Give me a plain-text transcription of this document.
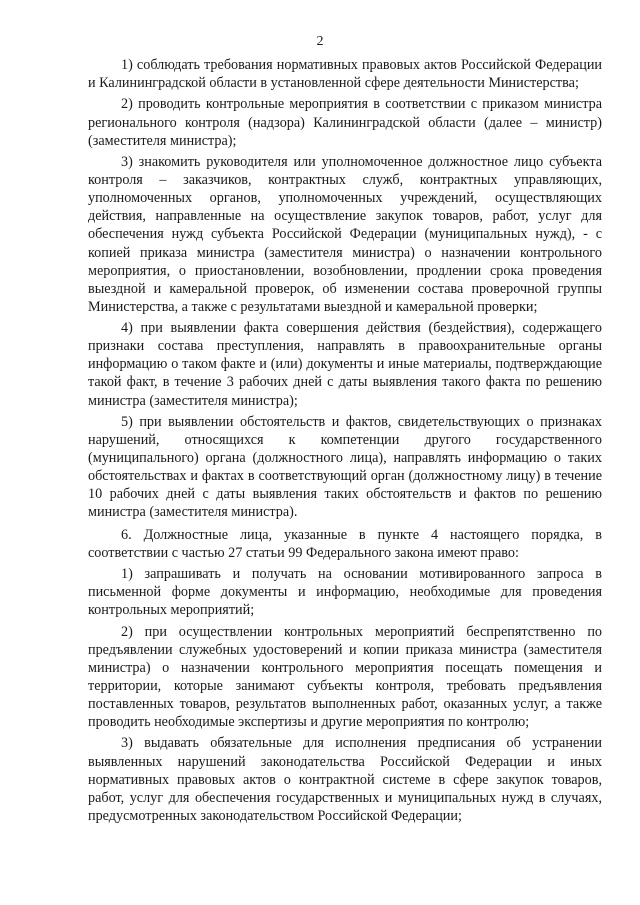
2

1) соблюдать требования нормативных правовых актов Российской Федерации и Калининградской области в установленной сфере деятельности Министерства;

2) проводить контрольные мероприятия в соответствии с приказом министра регионального контроля (надзора) Калининградской области (далее – министр) (заместителя министра);

3) знакомить руководителя или уполномоченное должностное лицо субъекта контроля – заказчиков, контрактных служб, контрактных управляющих, уполномоченных органов, уполномоченных учреждений, осуществляющих действия, направленные на осуществление закупок товаров, работ, услуг для обеспечения нужд субъекта Российской Федерации (муниципальных нужд), - с копией приказа министра (заместителя министра) о назначении контрольного мероприятия, о приостановлении, возобновлении, продлении срока проведения выездной и камеральной проверок, об изменении состава проверочной группы Министерства, а также с результатами выездной и камеральной проверки;

4) при выявлении факта совершения действия (бездействия), содержащего признаки состава преступления, направлять в правоохранительные органы информацию о таком факте и (или) документы и иные материалы, подтверждающие такой факт, в течение 3 рабочих дней с даты выявления такого факта по решению министра (заместителя министра);

5) при выявлении обстоятельств и фактов, свидетельствующих о признаках нарушений, относящихся к компетенции другого государственного (муниципального) органа (должностного лица), направлять информацию о таких обстоятельствах и фактах в соответствующий орган (должностному лицу) в течение 10 рабочих дней с даты выявления таких обстоятельств и фактов по решению министра (заместителя министра).

6. Должностные лица, указанные в пункте 4 настоящего порядка, в соответствии с частью 27 статьи 99 Федерального закона имеют право:

1) запрашивать и получать на основании мотивированного запроса в письменной форме документы и информацию, необходимые для проведения контрольных мероприятий;

2) при осуществлении контрольных мероприятий беспрепятственно по предъявлении служебных удостоверений и копии приказа министра (заместителя министра) о назначении контрольного мероприятия посещать помещения и территории, которые занимают субъекты контроля, требовать предъявления поставленных товаров, результатов выполненных работ, оказанных услуг, а также проводить необходимые экспертизы и другие мероприятия по контролю;

3) выдавать обязательные для исполнения предписания об устранении выявленных нарушений законодательства Российской Федерации и иных нормативных правовых актов о контрактной системе в сфере закупок товаров, работ, услуг для обеспечения государственных и муниципальных нужд в случаях, предусмотренных законодательством Российской Федерации;
